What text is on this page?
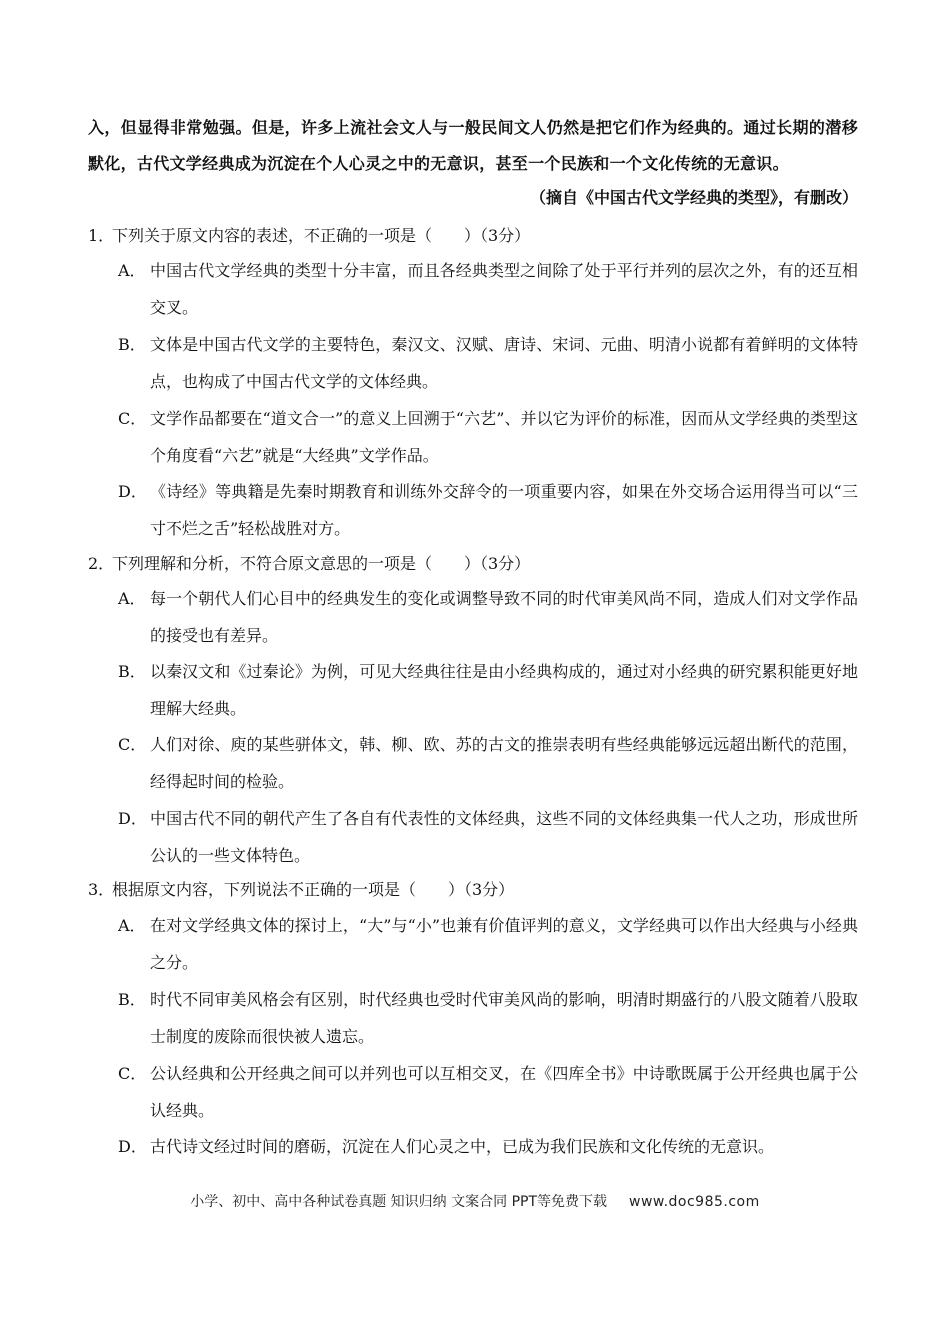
入，但显得非常勉强。但是，许多上流社会文人与一般民间文人仍然是把它们作为经典的。通过长期的潜移默化，古代文学经典成为沉淀在个人心灵之中的无意识，甚至一个民族和一个文化传统的无意识。
（摘自《中国古代文学经典的类型》，有删改）
1．下列关于原文内容的表述，不正确的一项是（　　）（3分）
A． 中国古代文学经典的类型十分丰富，而且各经典类型之间除了处于平行并列的层次之外，有的还互相交叉。
B． 文体是中国古代文学的主要特色，秦汉文、汉赋、唐诗、宋词、元曲、明清小说都有着鲜明的文体特点，也构成了中国古代文学的文体经典。
C． 文学作品都要在“道文合一”的意义上回溯于“六艺”、并以它为评价的标准，因而从文学经典的类型这个角度看“六艺”就是“大经典”文学作品。
D． 《诗经》等典籍是先秦时期教育和训练外交辞令的一项重要内容，如果在外交场合运用得当可以“三寸不烂之舌”轻松战胜对方。
2．下列理解和分析，不符合原文意思的一项是（　　）（3分）
A． 每一个朝代人们心目中的经典发生的变化或调整导致不同的时代审美风尚不同，造成人们对文学作品的接受也有差异。
B． 以秦汉文和《过秦论》为例，可见大经典往往是由小经典构成的，通过对小经典的研究累积能更好地理解大经典。
C． 人们对徐、庾的某些骈体文，韩、柳、欧、苏的古文的推崇表明有些经典能够远远超出断代的范围，经得起时间的检验。
D． 中国古代不同的朝代产生了各自有代表性的文体经典，这些不同的文体经典集一代人之功，形成世所公认的一些文体特色。
3．根据原文内容，下列说法不正确的一项是（　　）（3分）
A． 在对文学经典文体的探讨上，“大”与“小”也兼有价值评判的意义，文学经典可以作出大经典与小经典之分。
B． 时代不同审美风格会有区别，时代经典也受时代审美风尚的影响，明清时期盛行的八股文随着八股取士制度的废除而很快被人遗忘。
C． 公认经典和公开经典之间可以并列也可以互相交叉，在《四库全书》中诗歌既属于公开经典也属于公认经典。
D． 古代诗文经过时间的磨砺，沉淀在人们心灵之中，已成为我们民族和文化传统的无意识。
小学、初中、高中各种试卷真题 知识归纳 文案合同 PPT等免费下载 www.doc985.com
